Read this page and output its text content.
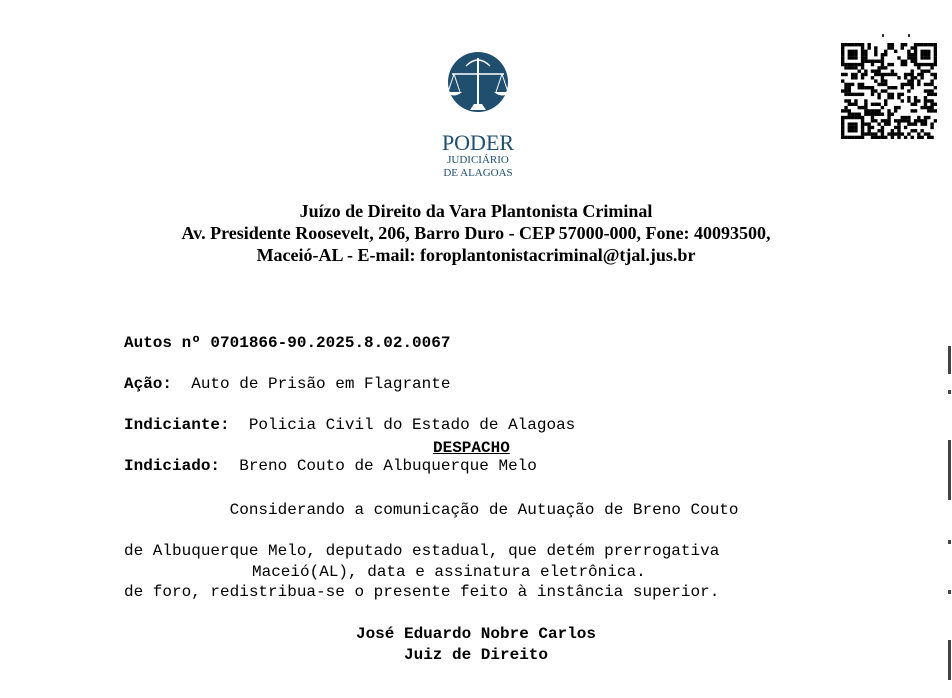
PODER
JUDICIÁRIO
DE ALAGOAS
Juízo de Direito da Vara Plantonista Criminal
Av. Presidente Roosevelt, 206, Barro Duro - CEP 57000-000, Fone: 40093500,
Maceió-AL - E-mail: foroplantonistacriminal@tjal.jus.br

Autos nº 0701866-90.2025.8.02.0067

Ação: Auto de Prisão em Flagrante

Indiciante: Policia Civil do Estado de Alagoas

Indiciado: Breno Couto de Albuquerque Melo

DESPACHO

Considerando a comunicação de Autuação de Breno Couto

de Albuquerque Melo, deputado estadual, que detém prerrogativa

de foro, redistribua-se o presente feito à instância superior.

Maceió(AL), data e assinatura eletrônica.
José Eduardo Nobre Carlos
Juiz de Direito
